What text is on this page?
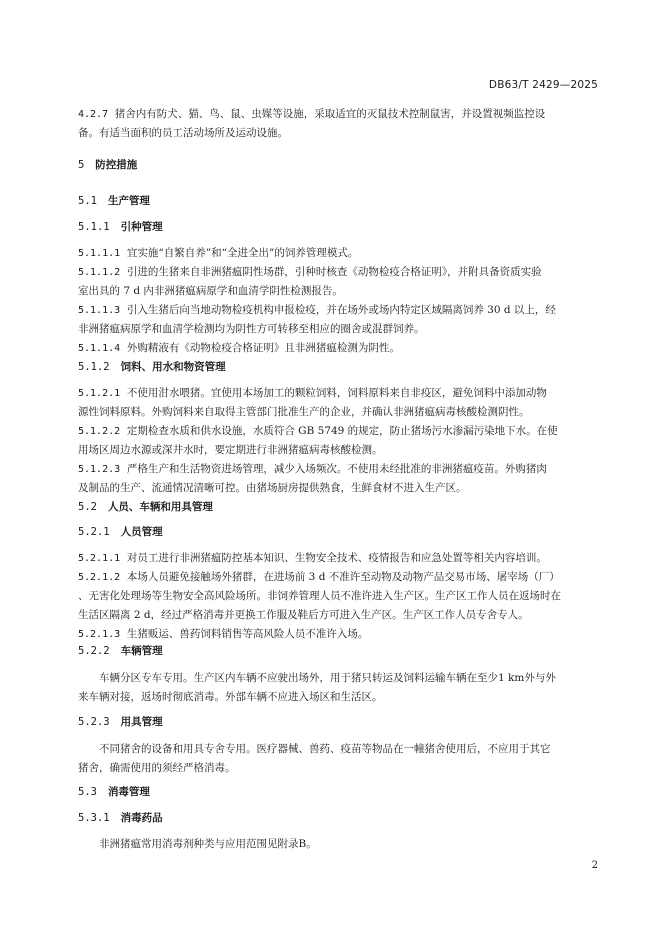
DB63/T 2429—2025
4.2.7 猪舍内有防犬、猫、鸟、鼠、虫媒等设施，采取适宜的灭鼠技术控制鼠害，并设置视频监控设
备。有适当面积的员工活动场所及运动设施。
5 防控措施
5.1 生产管理
5.1.1 引种管理
5.1.1.1 宜实施“自繁自养”和“全进全出”的饲养管理模式。
5.1.1.2 引进的生猪来自非洲猪瘟阴性场群，引种时核查《动物检疫合格证明》，并附具备资质实验
室出具的 7 d 内非洲猪瘟病原学和血清学阴性检测报告。
5.1.1.3 引入生猪后向当地动物检疫机构申报检疫，并在场外或场内特定区域隔离饲养 30 d 以上，经
非洲猪瘟病原学和血清学检测均为阴性方可转移至相应的圈舍或混群饲养。
5.1.1.4 外购精液有《动物检疫合格证明》且非洲猪瘟检测为阴性。
5.1.2 饲料、用水和物资管理
5.1.2.1 不使用泔水喂猪。宜使用本场加工的颗粒饲料，饲料原料来自非疫区，避免饲料中添加动物
源性饲料原料。外购饲料来自取得主管部门批准生产的企业，并确认非洲猪瘟病毒核酸检测阴性。
5.1.2.2 定期检查水质和供水设施，水质符合 GB 5749 的规定，防止猪场污水渗漏污染地下水。在使
用场区周边水源或深井水时，要定期进行非洲猪瘟病毒核酸检测。
5.1.2.3 严格生产和生活物资进场管理，减少入场频次。不使用未经批准的非洲猪瘟疫苗。外购猪肉
及制品的生产、流通情况清晰可控。由猪场厨房提供熟食，生鲜食材不进入生产区。
5.2 人员、车辆和用具管理
5.2.1 人员管理
5.2.1.1 对员工进行非洲猪瘟防控基本知识、生物安全技术、疫情报告和应急处置等相关内容培训。
5.2.1.2 本场人员避免接触场外猪群，在进场前 3 d 不准许至动物及动物产品交易市场、屠宰场（厂）
、无害化处理场等生物安全高风险场所。非饲养管理人员不准许进入生产区。生产区工作人员在返场时在
生活区隔离 2 d，经过严格消毒并更换工作服及鞋后方可进入生产区。生产区工作人员专舍专人。
5.2.1.3 生猪贩运、兽药饲料销售等高风险人员不准许入场。
5.2.2 车辆管理
车辆分区专车专用。生产区内车辆不应驶出场外，用于猪只转运及饲料运输车辆在至少1 km外与外
来车辆对接，返场时彻底消毒。外部车辆不应进入场区和生活区。
5.2.3 用具管理
不同猪舍的设备和用具专舍专用。医疗器械、兽药、疫苗等物品在一幢猪舍使用后，不应用于其它
猪舍，确需使用的须经严格消毒。
5.3 消毒管理
5.3.1 消毒药品
非洲猪瘟常用消毒剂种类与应用范围见附录B。
2
